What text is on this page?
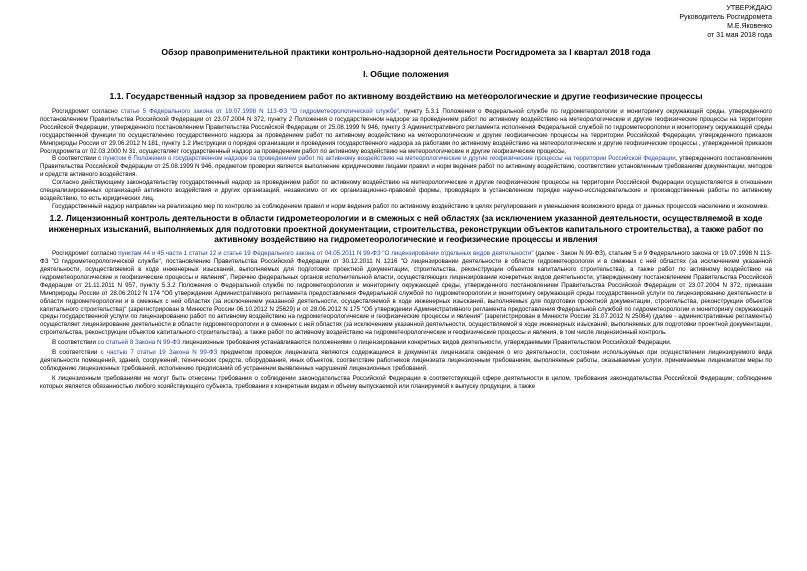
УТВЕРЖДАЮ
Руководитель Росгидромета
М.Е.Яковенко
от 31 мая 2018 года
Обзор правоприменительной практики контрольно-надзорной деятельности Росгидромета за I квартал 2018 года
I. Общие положения
1.1. Государственный надзор за проведением работ по активному воздействию на метеорологические и другие геофизические процессы

Росгидромет согласно статье 5 Федерального закона от 19.07.1998 N 113-ФЗ "О гидрометеорологической службе", пункту 5.3.1 Положения о Федеральной службе по гидрометеорологии и мониторингу окружающей среды, утвержденного постановлением Правительства Российской Федерации от 23.07.2004 N 372, пункту 2 Положения о государственном надзоре за проведением работ по активному воздействию на метеорологические и другие геофизические процессы на территории Российской Федерации, утвержденного постановлением Правительства Российской Федерации от 25.08.1999 N 946, пункту 3 Административного регламента исполнения Федеральной службой по гидрометеорологии и мониторингу окружающей среды государственной функции по осуществлению государственного надзора за проведением работ по активному воздействию на метеорологические и другие геофизические процессы на территории Российской Федерации, утвержденного приказом Минприроды России от 29.06.2012 N 181, пункту 1.2 Инструкции о порядке организации и проведения государственного надзора за работами по активному воздействию на метеорологические и другие геофизические процессы , утвержденной приказом Росгидромета от 02.03.2000 N 31, осуществляет государственный надзор за проведением работ по активному воздействию на метеорологические и другие геофизические процессы.

В соответствии с пунктом 6 Положения о государственном надзоре за проведением работ по активному воздействию на метеорологические и другие геофизические процессы на территории Российской Федерации, утвержденного постановлением Правительства Российской Федерации от 25.08.1999 N 946, предметом проверки является выполнение юридическими лицами правил и норм ведения работ по активному воздействию, соответствие установленным требованиям документации, методов и средств активного воздействия.

Согласно действующему законодательству государственный надзор за проведением работ по активному воздействию на метеорологические и другие геофизические процессы на территории Российской Федерации осуществляется в отношении специализированных организаций активного воздействия и других организаций, независимо от их организационно-правовой формы, проводящих в установленном порядке научно-исследовательские и производственные работы по активному воздействию, то есть юридических лиц.

Государственный надзор направлен на реализацию мер по контролю за соблюдением правил и норм ведения работ по активному воздействию в целях регулирования и уменьшения возможного вреда от данных процессов населению и экономике.

1.2. Лицензионный контроль деятельности в области гидрометеорологии и в смежных с ней областях (за исключением указанной деятельности, осуществляемой в ходе инженерных изысканий, выполняемых для подготовки проектной документации, строительства, реконструкции объектов капитального строительства), а также работ по активному воздействию на гидрометеорологические и геофизические процессы и явления

Росгидромет согласно пунктам 44 и 45 части 1 статьи 12 и статье 19 Федерального закона от 04.05.2011 N 99-ФЗ "О лицензировании отдельных видов деятельности" (далее - Закон N 99-ФЗ), статьям 5 и 9 Федерального закона от 19.07.1998 N 113-ФЗ "О гидрометеорологической службе", постановлению Правительства Российской Федерации от 30.12.2011 N 1216 "О лицензировании деятельности в области гидрометеорологии и в смежных с ней областях (за исключением указанной деятельности, осуществляемой в ходе инженерных изысканий, выполняемых для подготовки проектной документации, строительства, реконструкции объектов капитального строительства), а также работ по активному воздействию на гидрометеорологические и геофизические процессы и явления", Перечню федеральных органов исполнительной власти, осуществляющих лицензирование конкретных видов деятельности, утвержденному постановлением Правительства Российской Федерации от 21.11.2011 N 957, пункту 5.3.2 Положения о Федеральной службе по гидрометеорологии и мониторингу окружающей среды, утвержденного постановлением Правительства Российской Федерации от 23.07.2004 N 372, приказам Минприроды России от 28.06.2012 N 174 "Об утверждении Административного регламента предоставления Федеральной службой по гидрометеорологии и мониторингу окружающей среды государственной услуги по лицензированию деятельности в области гидрометеорологии и в смежных с ней областях (за исключением указанной деятельности, осуществляемой в ходе инженерных изысканий, выполняемых для подготовки проектной документации, строительства, реконструкции объектов капитального строительства)" (зарегистрирован в Минюсте России 06.10.2012 N 25629) и от 28.06.2012 N 175 "Об утверждении Административного регламента предоставления Федеральной службой по гидрометеорологии и мониторингу окружающей среды государственной услуги по лицензированию работ по активному воздействию на гидрометеорологические и геофизические процессы и явления" (зарегистрирован в Минюсте России 31.07.2012 N 25064) (далее - административные регламенты) осуществляет лицензирование деятельности в области гидрометеорологии и в смежных с ней областях (за исключением указанной деятельности, осуществляемой в ходе инженерных изысканий, выполняемых для подготовки проектной документации, строительства, реконструкции объектов капитального строительства), а также работ по активному воздействию на гидрометеорологические и геофизические процессы и явления, в том числе лицензионный контроль.

В соответствии со статьей 8 Закона N 99-ФЗ лицензионные требования устанавливаются положениями о лицензировании конкретных видов деятельности, утверждаемыми Правительством Российской Федерации.

В соответствии с частью 7 статьи 19 Закона N 99-ФЗ предметом проверок лицензиата являются содержащиеся в документах лицензиата сведения о его деятельности, состоянии используемых при осуществлении лицензируемого вида деятельности помещений, зданий, сооружений, технических средств, оборудования, иных объектов, соответствие работников лицензиата лицензионным требованиям, выполняемые работы, оказываемые услуги, принимаемые лицензиатом меры по соблюдению лицензионных требований, исполнению предписаний об устранении выявленных нарушений лицензионных требований.

К лицензионным требованиям не могут быть отнесены требования о соблюдении законодательства Российской Федерации в соответствующей сфере деятельности в целом, требования законодательства Российской Федерации, соблюдение которых является обязанностью любого хозяйствующего субъекта, требования к конкретным видам и объему выпускаемой или планируемой к выпуску продукции, а также
